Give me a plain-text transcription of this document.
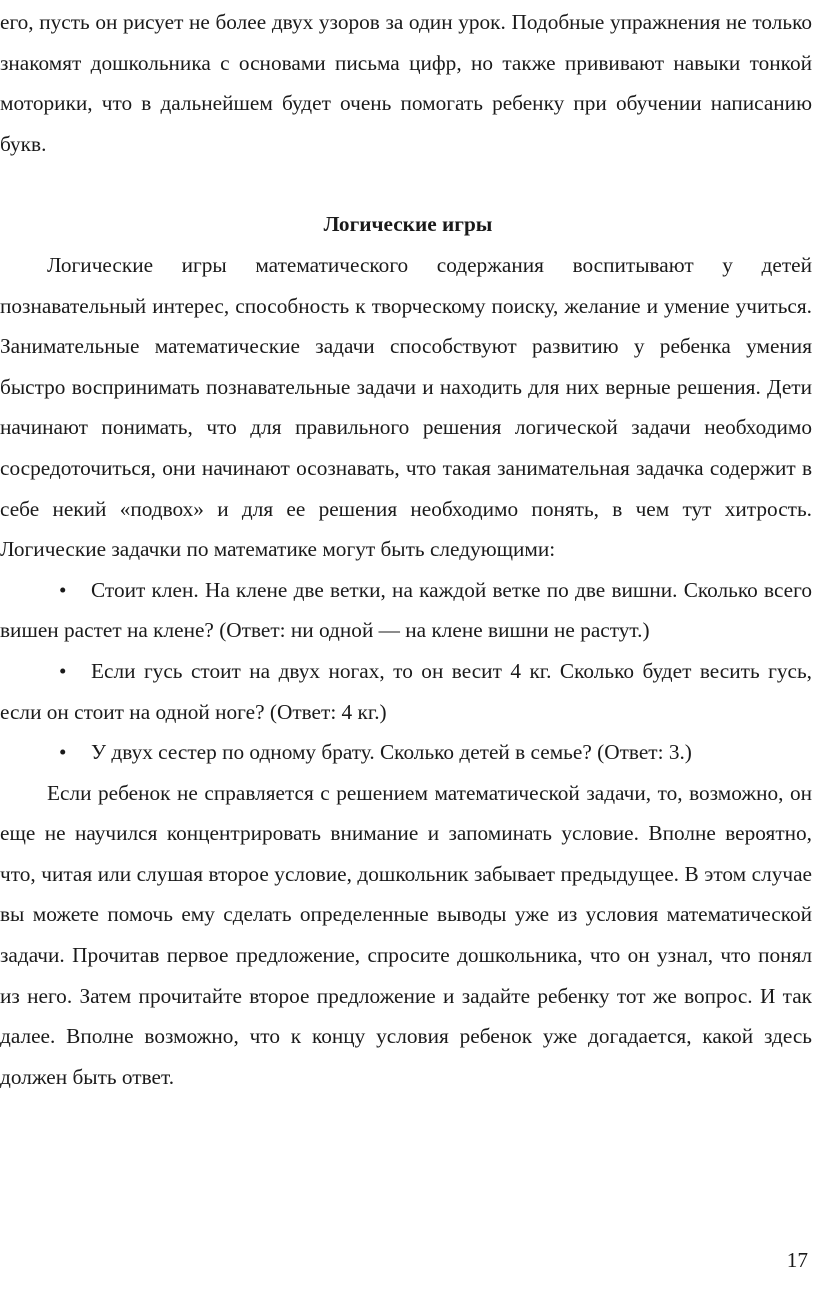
его, пусть он рисует не более двух узоров за один урок. Подобные упражнения не только знакомят дошкольника с основами письма цифр, но также прививают навыки тонкой моторики, что в дальнейшем будет очень помогать ребенку при обучении написанию букв.

Логические игры

Логические игры математического содержания воспитывают у детей познавательный интерес, способность к творческому поиску, желание и умение учиться. Занимательные математические задачи способствуют развитию у ребенка умения быстро воспринимать познавательные задачи и находить для них верные решения. Дети начинают понимать, что для правильного решения логической задачи необходимо сосредоточиться, они начинают осознавать, что такая занимательная задачка содержит в себе некий «подвох» и для ее решения необходимо понять, в чем тут хитрость. Логические задачки по математике могут быть следующими:

• Стоит клен. На клене две ветки, на каждой ветке по две вишни. Сколько всего вишен растет на клене? (Ответ: ни одной — на клене вишни не растут.)
• Если гусь стоит на двух ногах, то он весит 4 кг. Сколько будет весить гусь, если он стоит на одной ноге? (Ответ: 4 кг.)
• У двух сестер по одному брату. Сколько детей в семье? (Ответ: 3.)

Если ребенок не справляется с решением математической задачи, то, возможно, он еще не научился концентрировать внимание и запоминать условие. Вполне вероятно, что, читая или слушая второе условие, дошкольник забывает предыдущее. В этом случае вы можете помочь ему сделать определенные выводы уже из условия математической задачи. Прочитав первое предложение, спросите дошкольника, что он узнал, что понял из него. Затем прочитайте второе предложение и задайте ребенку тот же вопрос. И так далее. Вполне возможно, что к концу условия ребенок уже догадается, какой здесь должен быть ответ.

17
